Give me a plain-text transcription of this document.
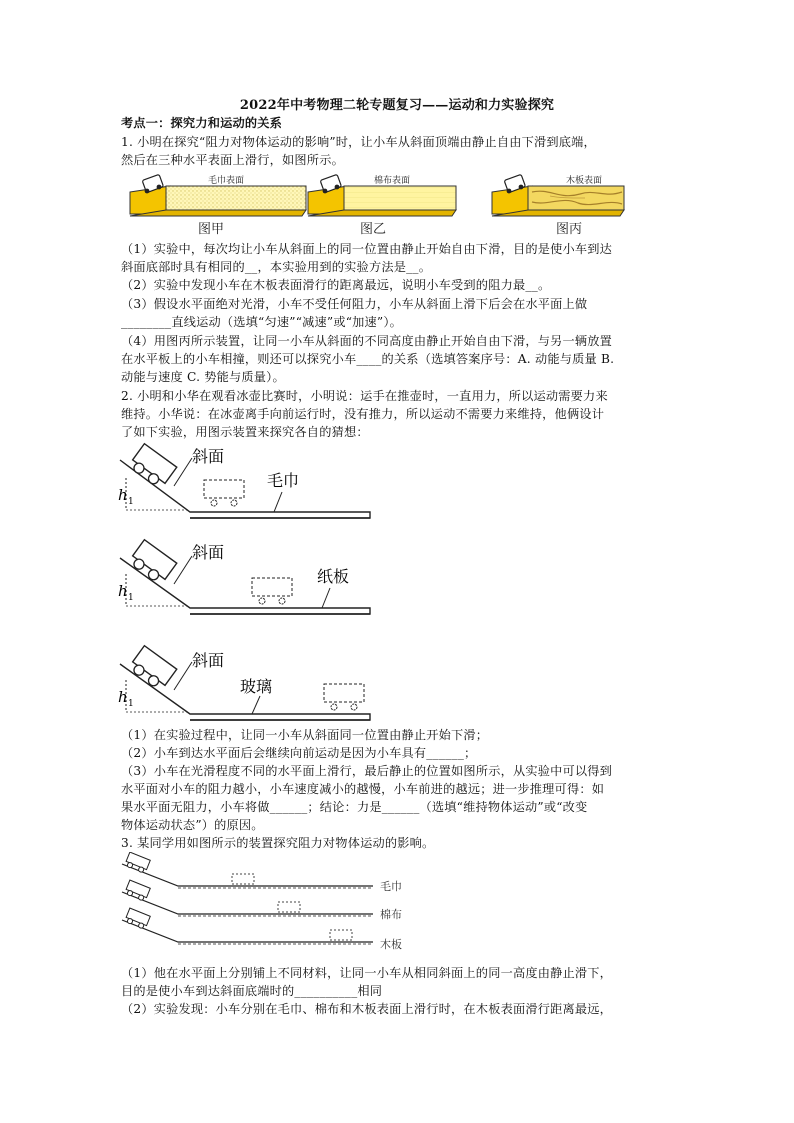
2022年中考物理二轮专题复习——运动和力实验探究
考点一：探究力和运动的关系
1. 小明在探究“阻力对物体运动的影响”时，让小车从斜面顶端由静止自由下滑到底端，
然后在三种水平表面上滑行，如图所示。
毛巾表面
图甲
棉布表面
图乙
木板表面
图丙
（1）实验中，每次均让小车从斜面上的同一位置由静止开始自由下滑，目的是使小车到达
斜面底部时具有相同的__，本实验用到的实验方法是__。
（2）实验中发现小车在木板表面滑行的距离最远，说明小车受到的阻力最__。
（3）假设水平面绝对光滑，小车不受任何阻力，小车从斜面上滑下后会在水平面上做
________直线运动（选填“匀速”“减速”或“加速”）。
（4）用图丙所示装置，让同一小车从斜面的不同高度由静止开始自由下滑，与另一辆放置
在水平板上的小车相撞，则还可以探究小车____的关系（选填答案序号：A. 动能与质量 B.
动能与速度 C. 势能与质量）。
2. 小明和小华在观看冰壶比赛时，小明说：运手在推壶时，一直用力，所以运动需要力来
维持。小华说：在冰壶离手向前运行时，没有推力，所以运动不需要力来维持，他俩设计
了如下实验，用图示装置来探究各自的猜想：
h 1
斜面
毛巾
h 1
斜面
纸板
h 1
斜面
玻璃
（1）在实验过程中，让同一小车从斜面同一位置由静止开始下滑；
（2）小车到达水平面后会继续向前运动是因为小车具有______；
（3）小车在光滑程度不同的水平面上滑行，最后静止的位置如图所示，从实验中可以得到
水平面对小车的阻力越小，小车速度减小的越慢，小车前进的越远；进一步推理可得：如
果水平面无阻力，小车将做______；结论：力是______（选填“维持物体运动”或“改变
物体运动状态”）的原因。
3. 某同学用如图所示的装置探究阻力对物体运动的影响。
毛巾
棉布
木板
（1）他在水平面上分别铺上不同材料，让同一小车从相同斜面上的同一高度由静止滑下，
目的是使小车到达斜面底端时的__________相同
（2）实验发现：小车分别在毛巾、棉布和木板表面上滑行时，在木板表面滑行距离最远，
